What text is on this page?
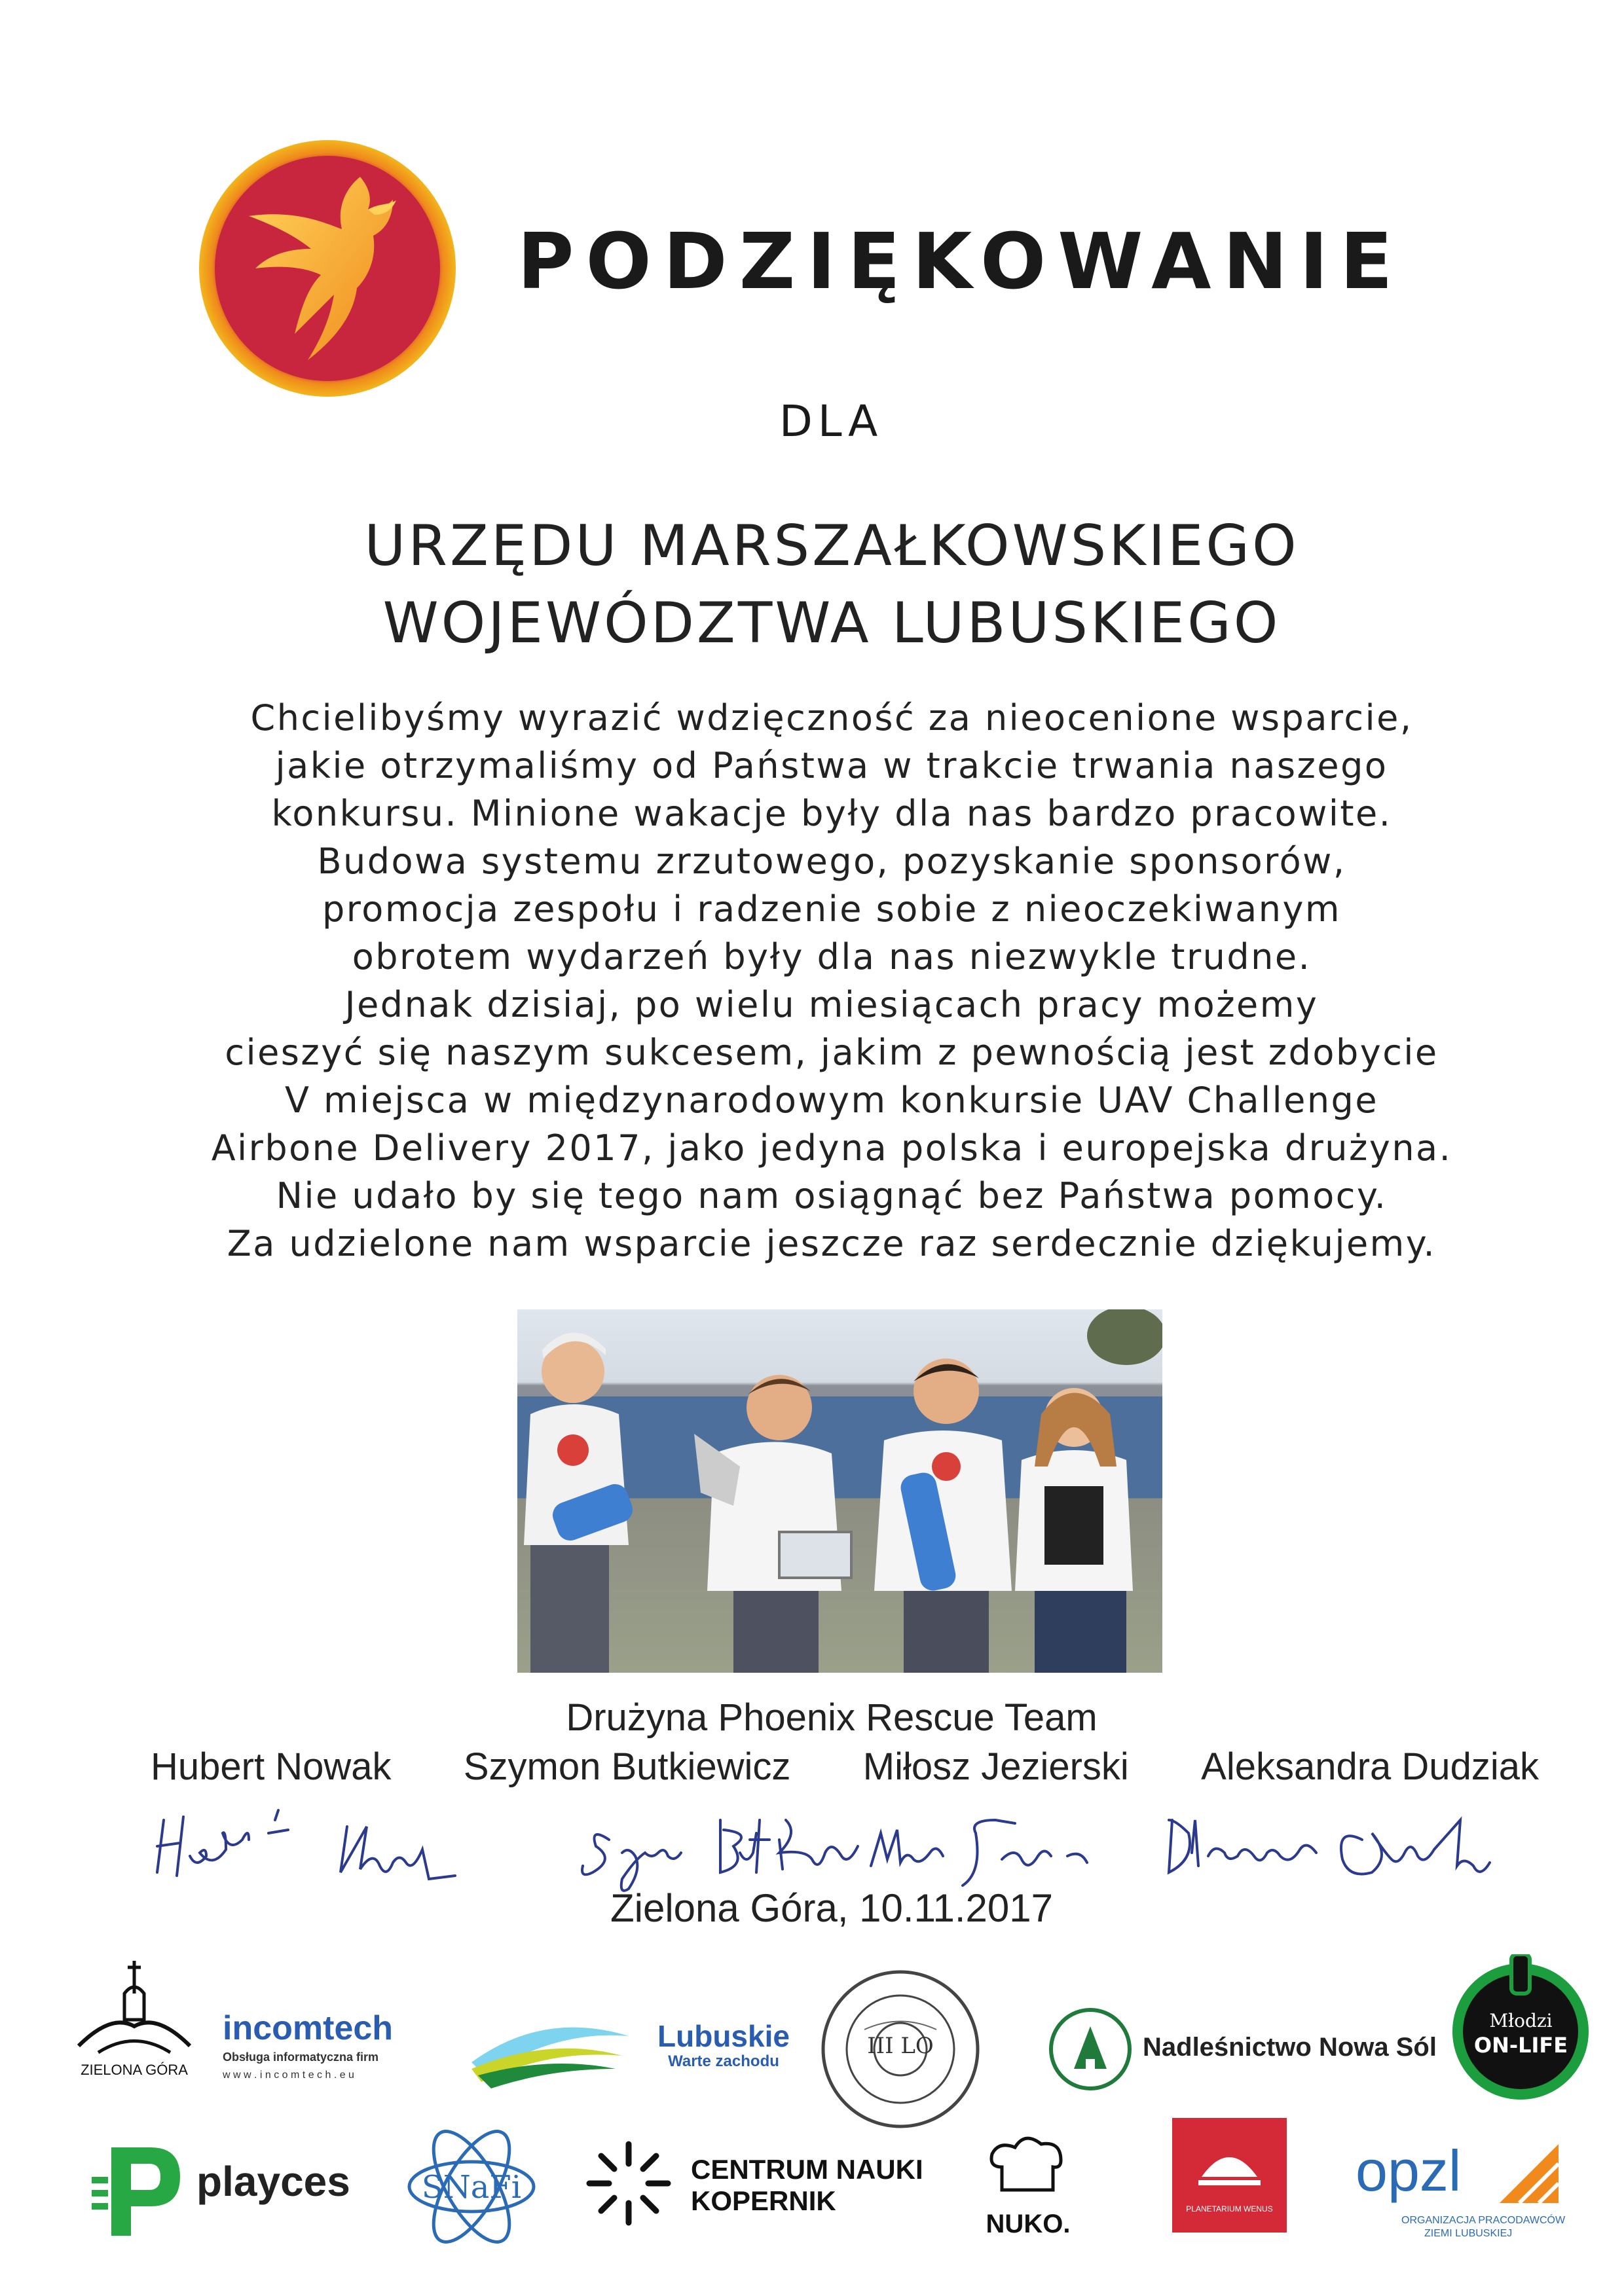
PODZIĘKOWANIE
DLA
URZĘDU MARSZAŁKOWSKIEGO
WOJEWÓDZTWA LUBUSKIEGO
Chcielibyśmy wyrazić wdzięczność za nieocenione wsparcie,
jakie otrzymaliśmy od Państwa w trakcie trwania naszego
konkursu. Minione wakacje były dla nas bardzo pracowite.
Budowa systemu zrzutowego, pozyskanie sponsorów,
promocja zespołu i radzenie sobie z nieoczekiwanym
obrotem wydarzeń były dla nas niezwykle trudne.
Jednak dzisiaj, po wielu miesiącach pracy możemy
cieszyć się naszym sukcesem, jakim z pewnością jest zdobycie
V miejsca w międzynarodowym konkursie UAV Challenge
Airbone Delivery 2017, jako jedyna polska i europejska drużyna.
Nie udało by się tego nam osiągnąć bez Państwa pomocy.
Za udzielone nam wsparcie jeszcze raz serdecznie dziękujemy.
Drużyna Phoenix Rescue Team
Hubert Nowak Szymon Butkiewicz Miłosz Jezierski Aleksandra Dudziak
Zielona Góra, 10.11.2017
ZIELONA GÓRA
incomtech
Obsługa informatyczna firm
w w w . i n c o m t e c h . e u
Lubuskie
Warte zachodu
III LO	Nadleśnictwo Nowa Sól
Młodzi
ON-LIFE
playces	SNaFi	CENTRUM NAUKI
KOPERNIK
NUKO.
PLANETARIUM WENUS
opzl
ORGANIZACJA PRACODAWCÓW
ZIEMI LUBUSKIEJ
